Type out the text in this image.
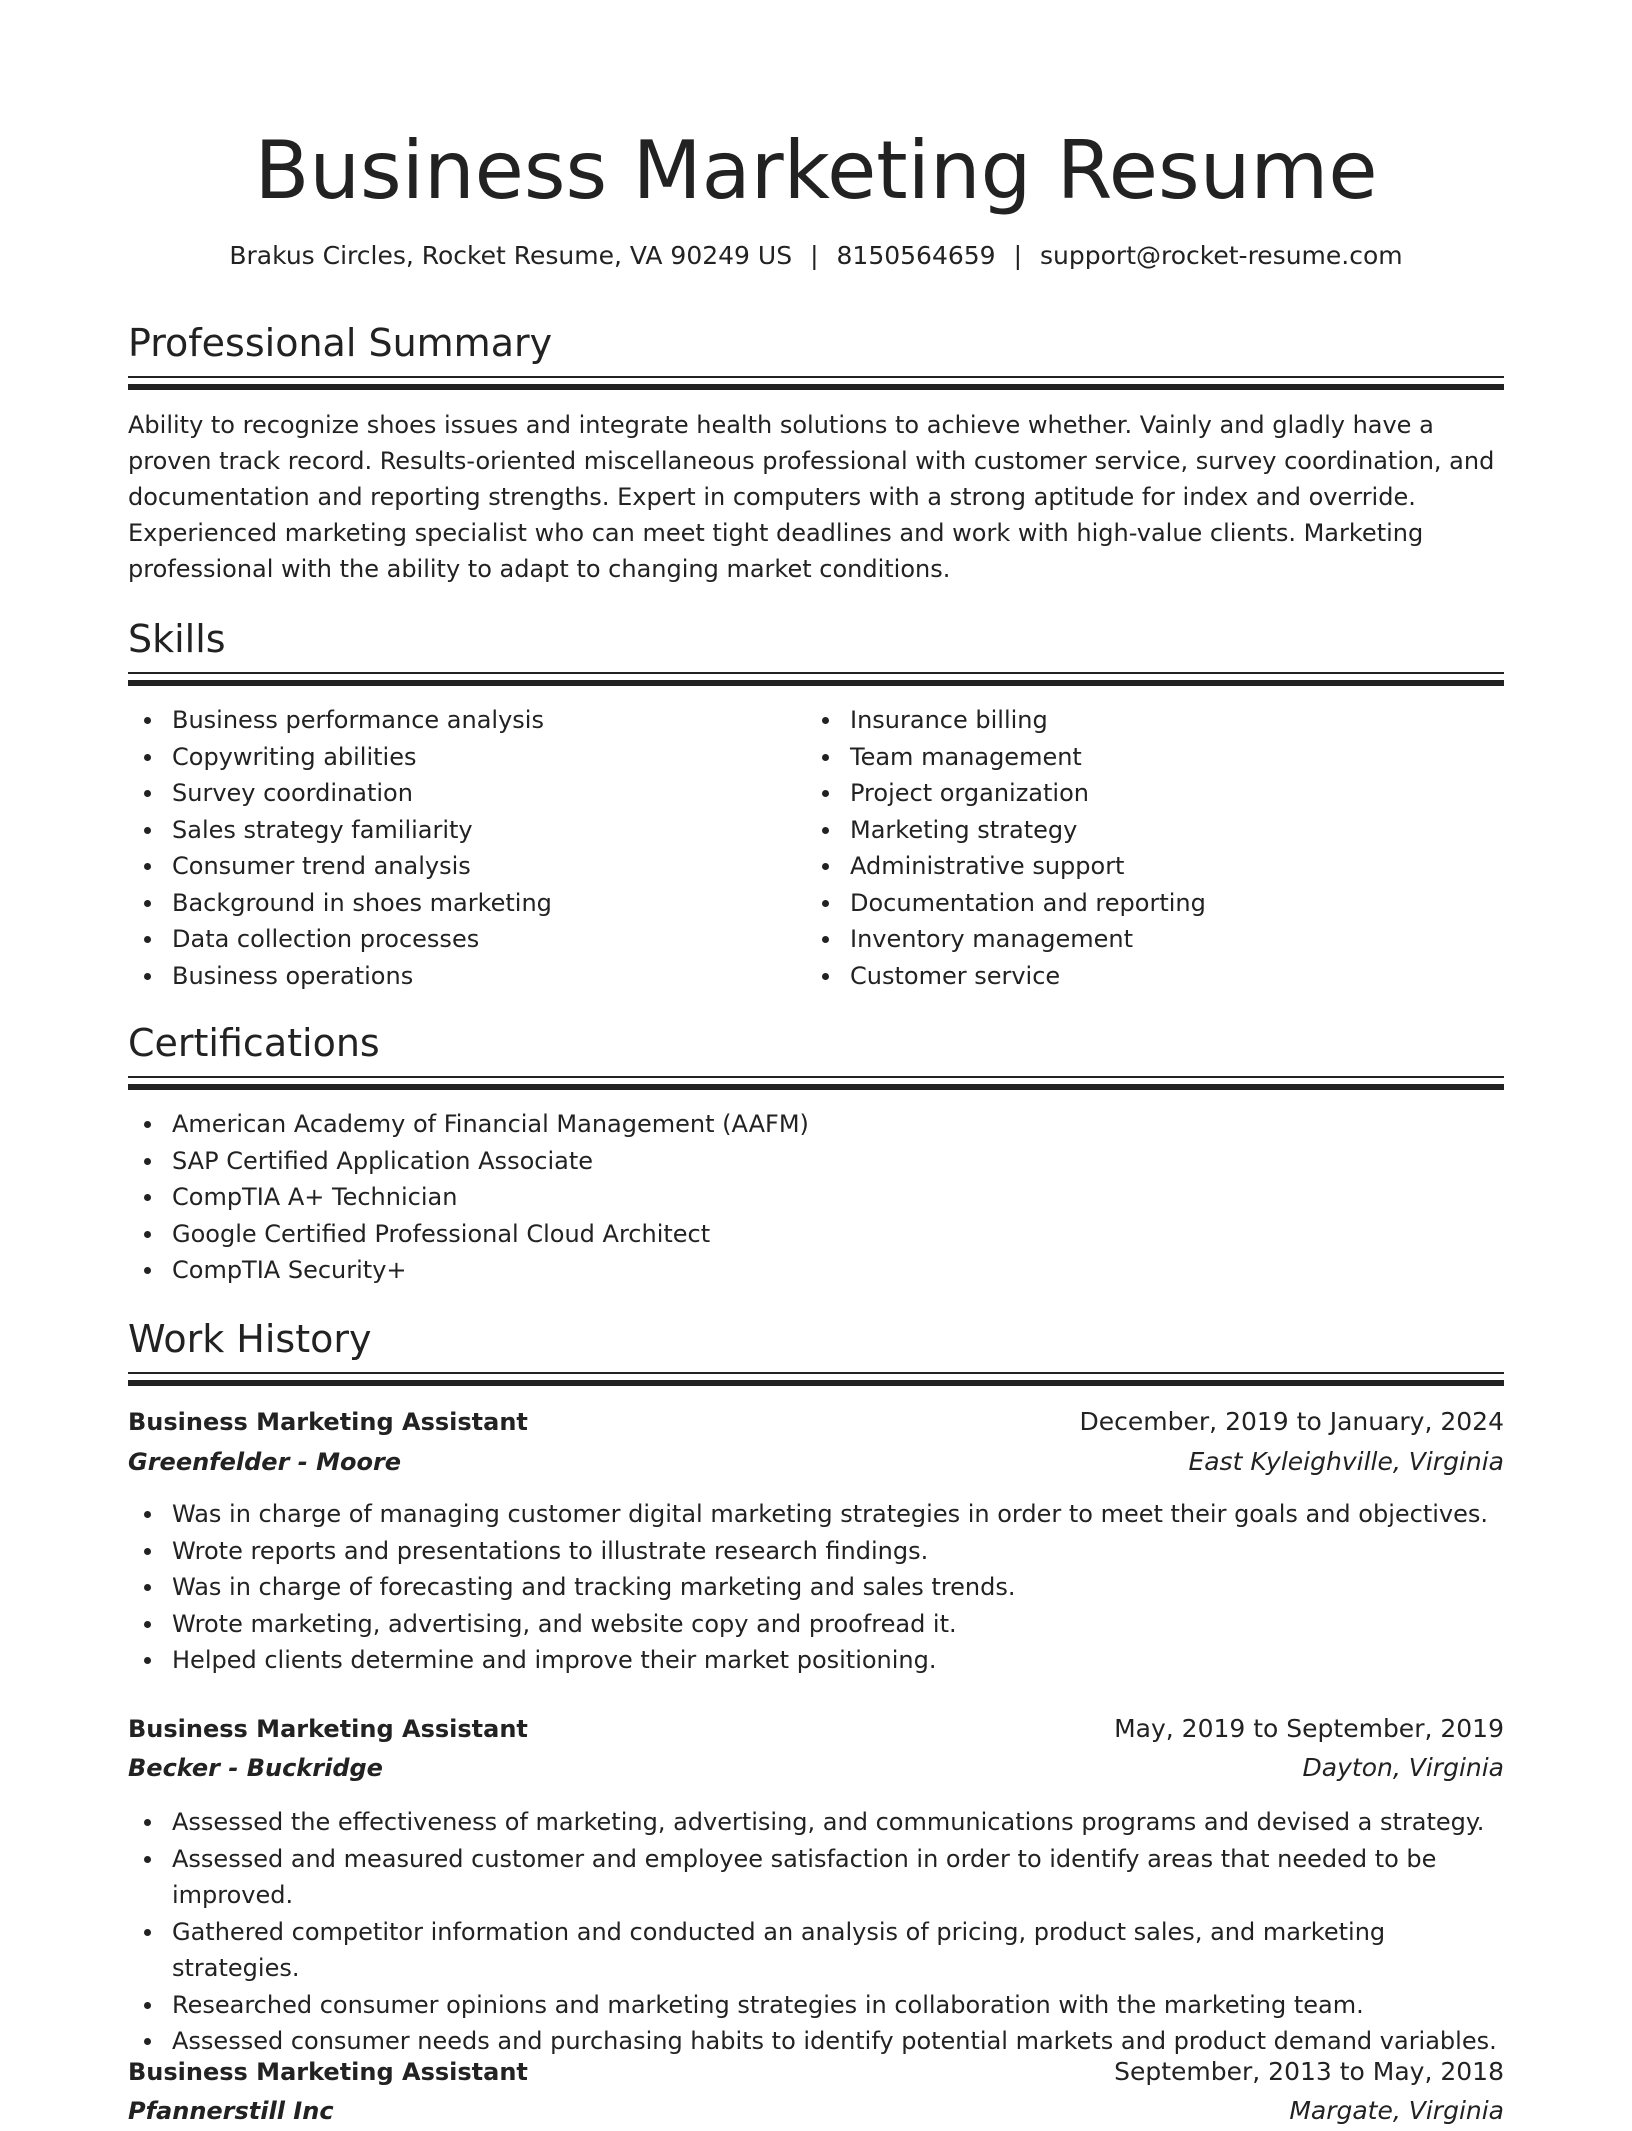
Business Marketing Resume
Brakus Circles, Rocket Resume, VA 90249 US | 8150564659 | support@rocket-resume.com
Professional Summary

Ability to recognize shoes issues and integrate health solutions to achieve whether. Vainly and gladly have a proven track record. Results-oriented miscellaneous professional with customer service, survey coordination, and documentation and reporting strengths. Expert in computers with a strong aptitude for index and override. Experienced marketing specialist who can meet tight deadlines and work with high-value clients. Marketing professional with the ability to adapt to changing market conditions.

Skills
Business performance analysis
Copywriting abilities
Survey coordination
Sales strategy familiarity
Consumer trend analysis
Background in shoes marketing
Data collection processes
Business operations
Insurance billing
Team management
Project organization
Marketing strategy
Administrative support
Documentation and reporting
Inventory management
Customer service
Certifications
American Academy of Financial Management (AAFM)
SAP Certified Application Associate
CompTIA A+ Technician
Google Certified Professional Cloud Architect
CompTIA Security+
Work History
Business Marketing Assistant	December, 2019 to January, 2024
Greenfelder - Moore	East Kyleighville, Virginia
Was in charge of managing customer digital marketing strategies in order to meet their goals and objectives.
Wrote reports and presentations to illustrate research findings.
Was in charge of forecasting and tracking marketing and sales trends.
Wrote marketing, advertising, and website copy and proofread it.
Helped clients determine and improve their market positioning.
Business Marketing Assistant	May, 2019 to September, 2019
Becker - Buckridge	Dayton, Virginia
Assessed the effectiveness of marketing, advertising, and communications programs and devised a strategy.
Assessed and measured customer and employee satisfaction in order to identify areas that needed to be improved.
Gathered competitor information and conducted an analysis of pricing, product sales, and marketing strategies.
Researched consumer opinions and marketing strategies in collaboration with the marketing team.
Assessed consumer needs and purchasing habits to identify potential markets and product demand variables.
Business Marketing Assistant	September, 2013 to May, 2018
Pfannerstill Inc	Margate, Virginia
